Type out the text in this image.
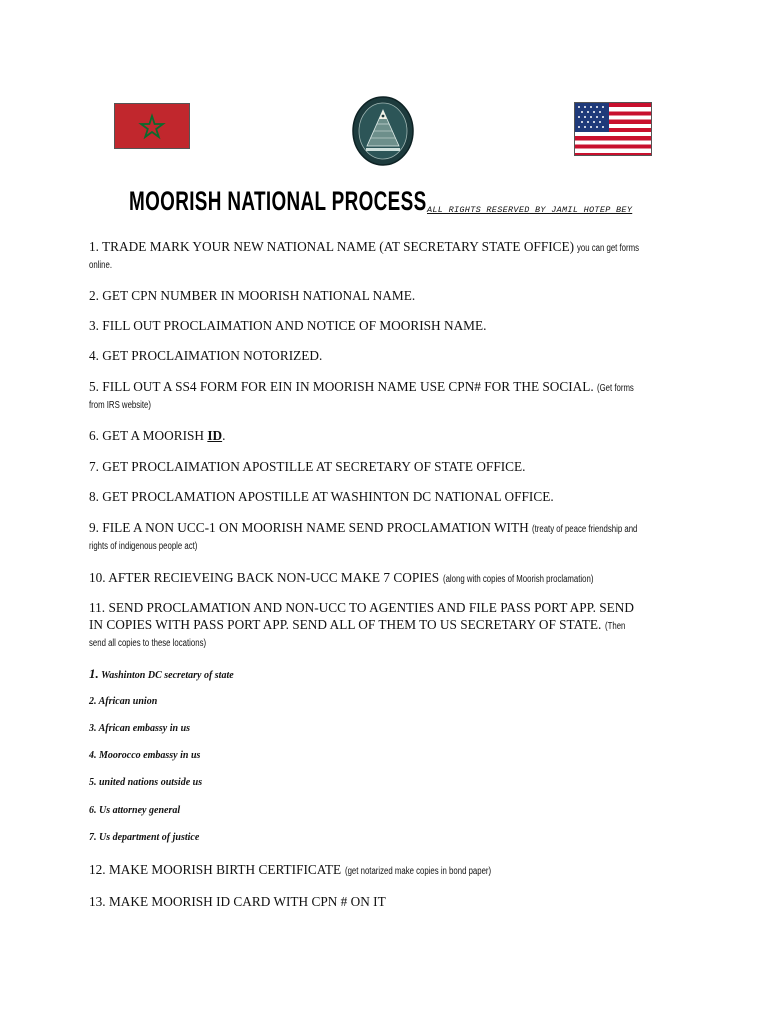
MOORISH NATIONAL PROCESS ALL RIGHTS RESERVED BY JAMIL HOTEP BEY
1. TRADE MARK YOUR NEW NATIONAL NAME (AT SECRETARY STATE OFFICE) you can get forms
online.
2. GET CPN NUMBER IN MOORISH NATIONAL NAME.
3. FILL OUT PROCLAIMATION AND NOTICE OF MOORISH NAME.
4. GET PROCLAIMATION NOTORIZED.
5. FILL OUT A SS4 FORM FOR EIN IN MOORISH NAME USE CPN# FOR THE SOCIAL. (Get forms
from IRS website)
6. GET A MOORISH ID.
7. GET PROCLAIMATION APOSTILLE AT SECRETARY OF STATE OFFICE.
8. GET PROCLAMATION APOSTILLE AT WASHINTON DC NATIONAL OFFICE.
9. FILE A NON UCC-1 ON MOORISH NAME SEND PROCLAMATION WITH (treaty of peace friendship and
rights of indigenous people act)
10. AFTER RECIEVEING BACK NON-UCC MAKE 7 COPIES (along with copies of Moorish proclamation)
11. SEND PROCLAMATION AND NON-UCC TO AGENTIES AND FILE PASS PORT APP. SEND
IN COPIES WITH PASS PORT APP. SEND ALL OF THEM TO US SECRETARY OF STATE. (Then
send all copies to these locations)
1. Washinton DC secretary of state
2. African union
3. African embassy in us
4. Moorocco embassy in us
5. united nations outside us
6. Us attorney general
7. Us department of justice
12. MAKE MOORISH BIRTH CERTIFICATE (get notarized make copies in bond paper)
13. MAKE MOORISH ID CARD WITH CPN # ON IT
